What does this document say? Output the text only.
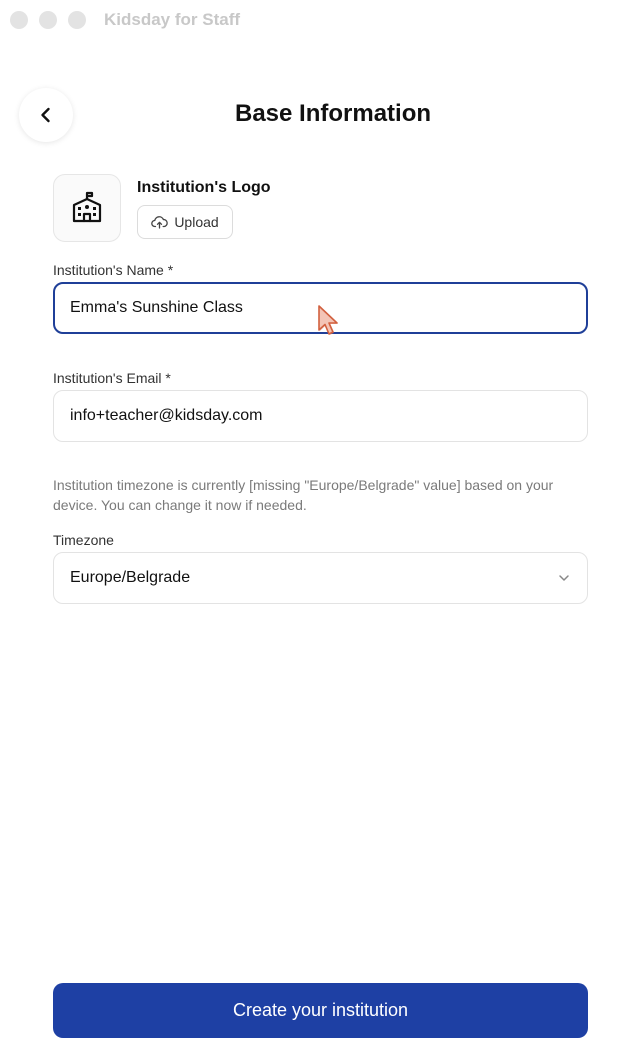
Kidsday for Staff
Base Information
Institution's Logo
Upload
Institution's Name *
Emma's Sunshine Class
Institution's Email *
info+teacher@kidsday.com

Institution timezone is currently [missing "Europe/Belgrade" value] based on your device. You can change it now if needed.

Timezone
Europe/Belgrade
Create your institution
